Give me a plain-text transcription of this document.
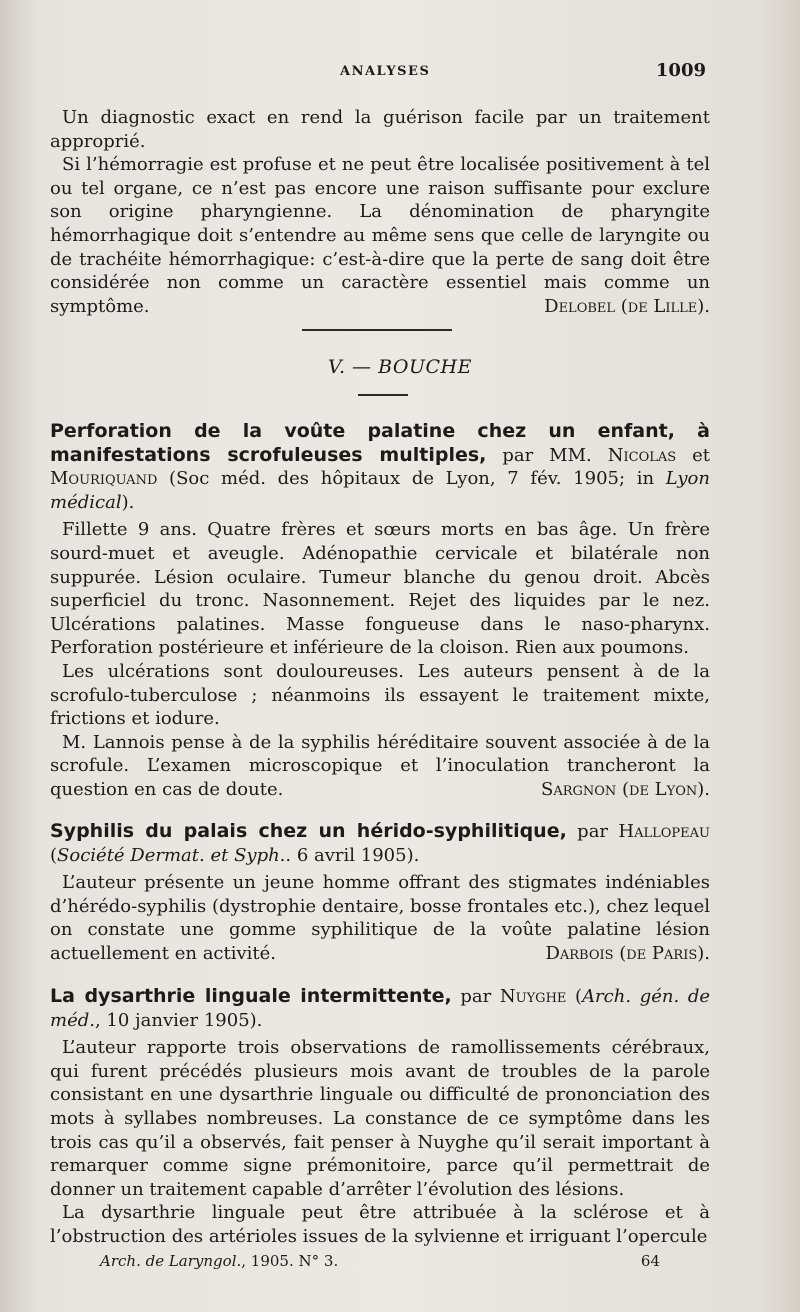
ANALYSES	1009

Un diagnostic exact en rend la guérison facile par un traitement approprié.

Si l’hémorragie est profuse et ne peut être localisée positivement à tel ou tel organe, ce n’est pas encore une raison suffisante pour exclure son origine pharyngienne. La dénomination de pharyngite hémorrhagique doit s’entendre au même sens que celle de laryngite ou de trachéite hémorrhagique: c’est-à-dire que la perte de sang doit être considérée non comme un caractère essentiel mais comme un symptôme.	Delobel (de Lille).

V. — BOUCHE

Perforation de la voûte palatine chez un enfant, à manifestations scrofuleuses multiples, par MM. Nicolas et Mouriquand (Soc méd. des hôpitaux de Lyon, 7 fév. 1905; in Lyon médical).

Fillette 9 ans. Quatre frères et sœurs morts en bas âge. Un frère sourd-muet et aveugle. Adénopathie cervicale et bilatérale non suppurée. Lésion oculaire. Tumeur blanche du genou droit. Abcès superficiel du tronc. Nasonnement. Rejet des liquides par le nez. Ulcérations palatines. Masse fongueuse dans le naso-pharynx. Perforation postérieure et inférieure de la cloison. Rien aux poumons.

Les ulcérations sont douloureuses. Les auteurs pensent à de la scrofulo-tuberculose ; néanmoins ils essayent le traitement mixte, frictions et iodure.

M. Lannois pense à de la syphilis héréditaire souvent associée à de la scrofule. L’examen microscopique et l’inoculation trancheront la question en cas de doute.	Sargnon (de Lyon).

Syphilis du palais chez un hérido-syphilitique, par Hallopeau (Société Dermat. et Syph.. 6 avril 1905).

L’auteur présente un jeune homme offrant des stigmates indéniables d’hérédo-syphilis (dystrophie dentaire, bosse frontales etc.), chez lequel on constate une gomme syphilitique de la voûte palatine lésion actuellement en activité.	Darbois (de Paris).

La dysarthrie linguale intermittente, par Nuyghe (Arch. gén. de méd., 10 janvier 1905).

L’auteur rapporte trois observations de ramollissements cérébraux, qui furent précédés plusieurs mois avant de troubles de la parole consistant en une dysarthrie linguale ou difficulté de prononciation des mots à syllabes nombreuses. La constance de ce symptôme dans les trois cas qu’il a observés, fait penser à Nuyghe qu’il serait important à remarquer comme signe prémonitoire, parce qu’il permettrait de donner un traitement capable d’arrêter l’évolution des lésions.

La dysarthrie linguale peut être attribuée à la sclérose et à l’obstruction des artérioles issues de la sylvienne et irriguant l’opercule

Arch. de Laryngol., 1905. N° 3.	64
